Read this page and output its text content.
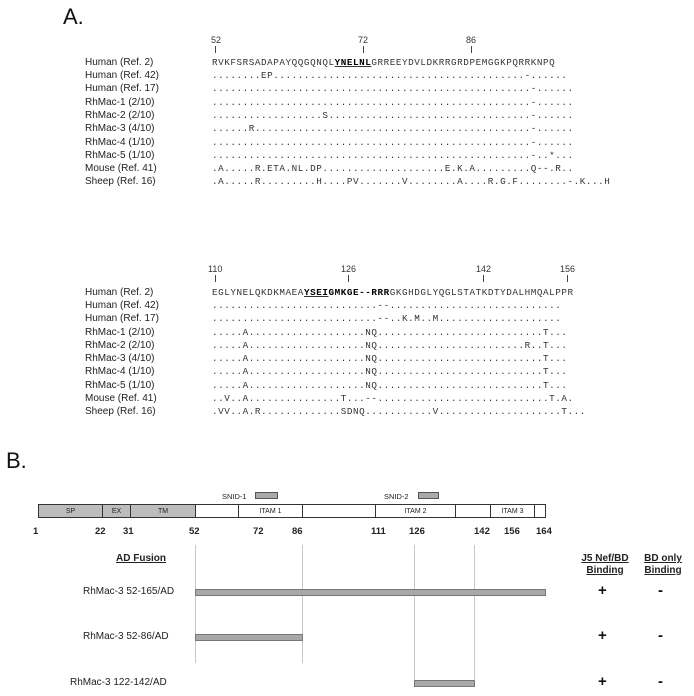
A.
52	72	86
Human (Ref. 2)	RVKFSRSADAPAYQQGQNQLYNELNLGRREEYDVLDKRRGRDPEMGGKPQRRKNPQ
Human (Ref. 42)	........EP.........................................-......
Human (Ref. 17)	....................................................-......
RhMac-1 (2/10)	....................................................-......
RhMac-2 (2/10)	..................S.................................-......
RhMac-3 (4/10)	......R.............................................-......
RhMac-4 (1/10)	....................................................-......
RhMac-5 (1/10)	....................................................-..*...
Mouse (Ref. 41)	.A.....R.ETA.NL.DP....................E.K.A.........Q--.R..
Sheep (Ref. 16)	.A.....R.........H....PV.......V........A....R.G.F........-.K...H
110	126	142	156
Human (Ref. 2)	EGLYNELQKDKMAEAYSEIGMKGE--RRRGKGHDGLYQGLSTATKDTYDALHMQALPPR
Human (Ref. 42)	...........................--............................
Human (Ref. 17)	...........................--..K.M..M....................
RhMac-1 (2/10)	.....A...................NQ...........................T...
RhMac-2 (2/10)	.....A...................NQ........................R..T...
RhMac-3 (4/10)	.....A...................NQ...........................T...
RhMac-4 (1/10)	.....A...................NQ...........................T...
RhMac-5 (1/10)	.....A...................NQ...........................T...
Mouse (Ref. 41)	..V..A...............T...--............................T.A.
Sheep (Ref. 16)	.VV..A.R.............SDNQ...........V....................T...
B.
SNID-1	SNID-2
SP	EX	TM	ITAM 1	ITAM 2	ITAM 3
1	22 31	52	72	86	111 126	142 156 164
AD Fusion	J5 Nef/BD
Binding
BD only
Binding
RhMac-3 52-165/AD	+	-
RhMac-3 52-86/AD	+	-
RhMac-3 122-142/AD	+	-
